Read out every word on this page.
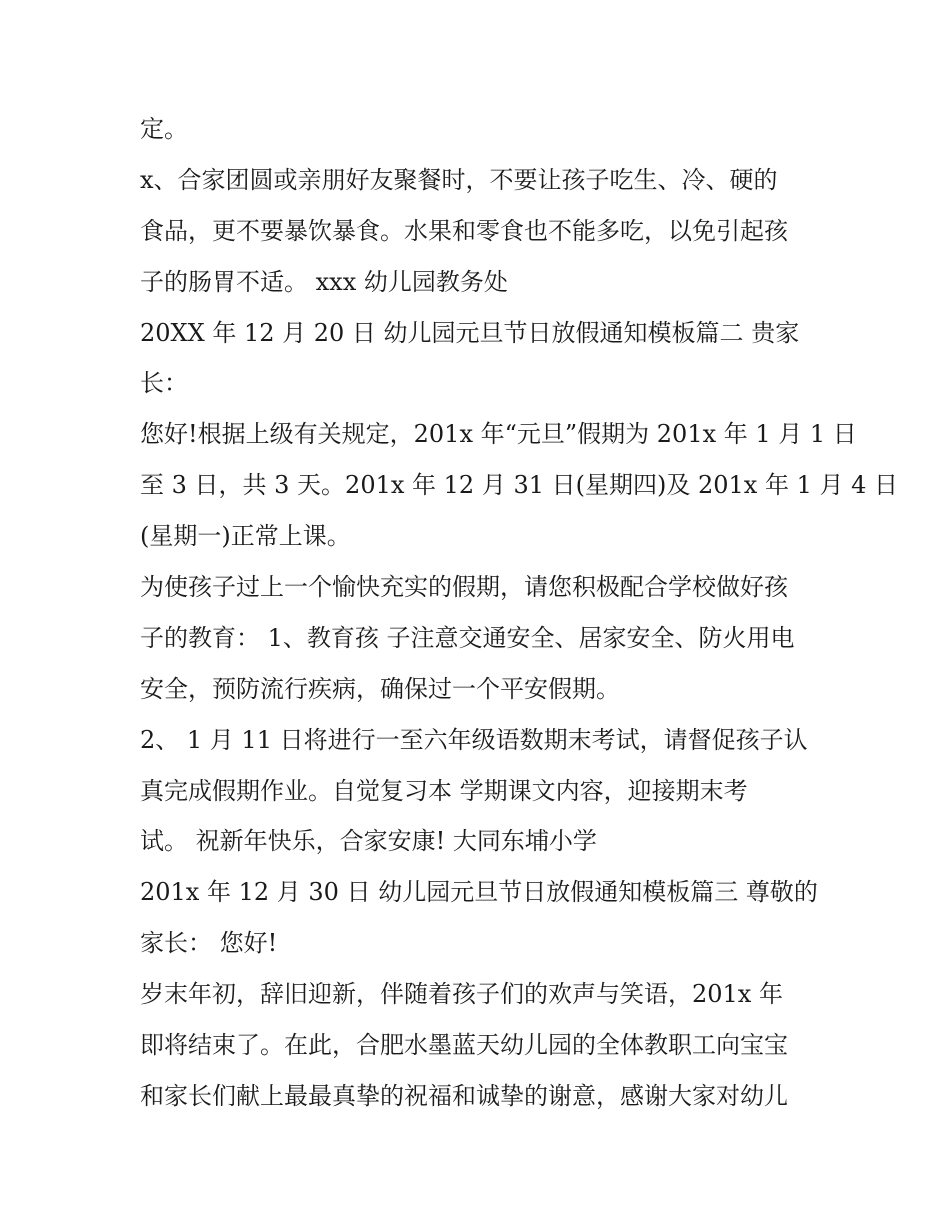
定。
x、合家团圆或亲朋好友聚餐时，不要让孩子吃生、冷、硬的
食品，更不要暴饮暴食。水果和零食也不能多吃，以免引起孩
子的肠胃不适。 xxx 幼儿园教务处
20XX 年 12 月 20 日 幼儿园元旦节日放假通知模板篇二 贵家
长：
您好!根据上级有关规定，201x 年“元旦”假期为 201x 年 1 月 1 日
至 3 日，共 3 天。201x 年 12 月 31 日(星期四)及 201x 年 1 月 4 日
(星期一)正常上课。
为使孩子过上一个愉快充实的假期，请您积极配合学校做好孩
子的教育： 1、教育孩 子注意交通安全、居家安全、防火用电
安全，预防流行疾病，确保过一个平安假期。
2、 1 月 11 日将进行一至六年级语数期末考试，请督促孩子认
真完成假期作业。自觉复习本 学期课文内容，迎接期末考
试。 祝新年快乐，合家安康! 大同东埔小学
201x 年 12 月 30 日 幼儿园元旦节日放假通知模板篇三 尊敬的
家长： 您好!
岁末年初，辞旧迎新，伴随着孩子们的欢声与笑语，201x 年
即将结束了。在此，合肥水墨蓝天幼儿园的全体教职工向宝宝
和家长们献上最最真挚的祝福和诚挚的谢意，感谢大家对幼儿
